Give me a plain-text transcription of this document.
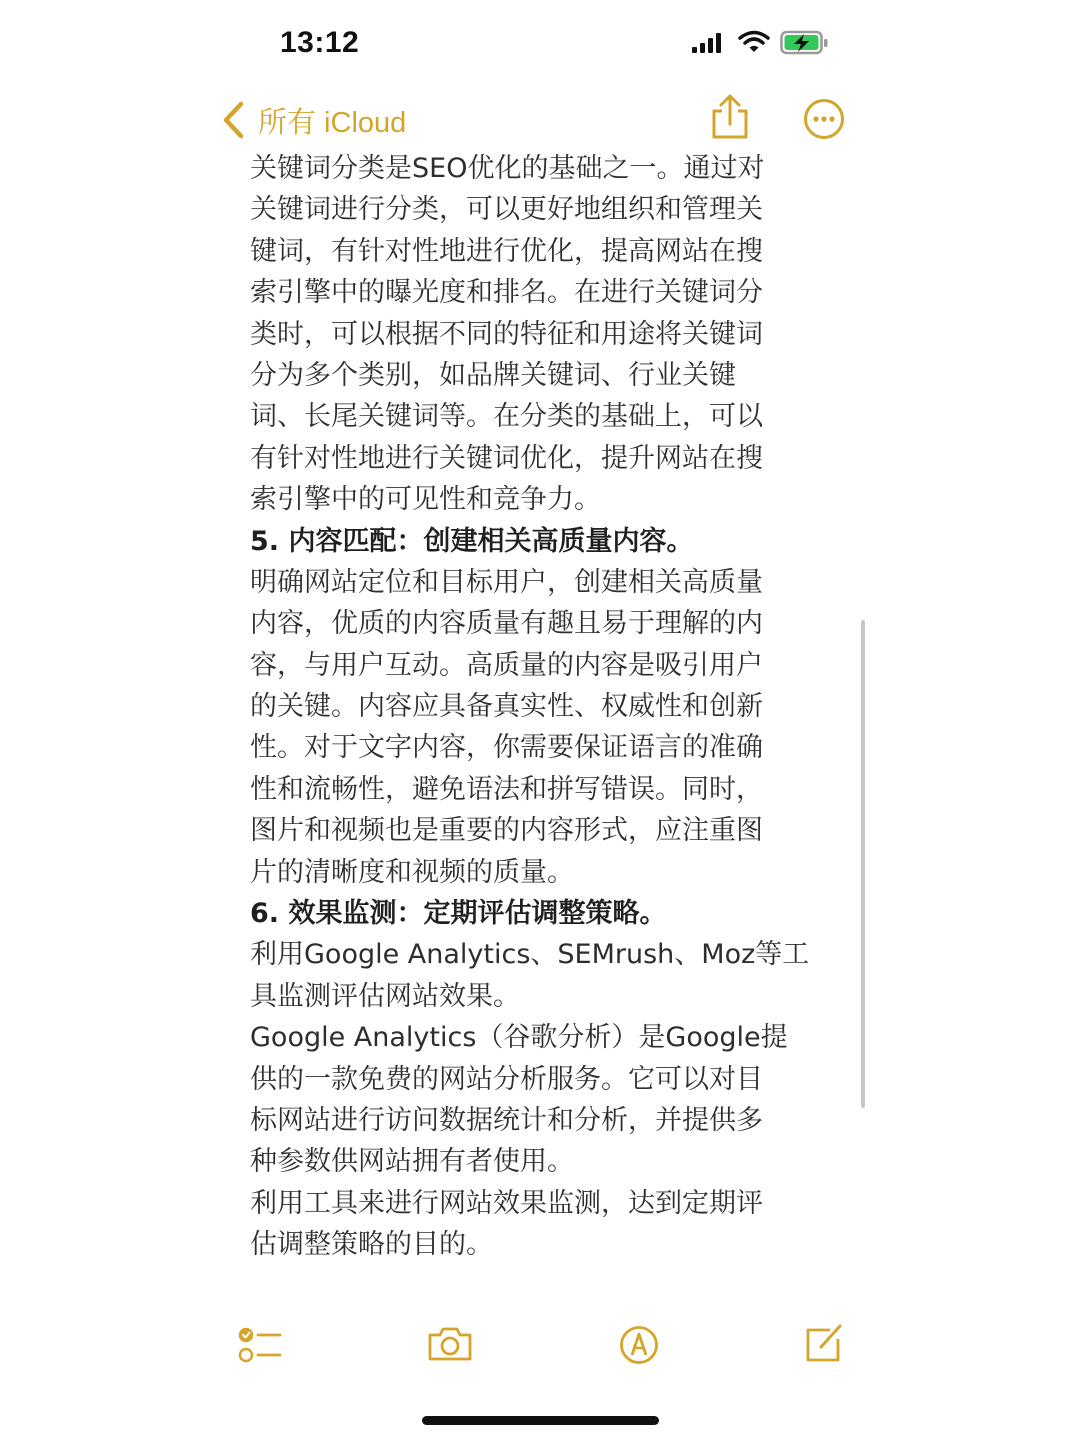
13:12
所有 iCloud
关键词分类是SEO优化的基础之一。通过对
关键词进行分类，可以更好地组织和管理关
键词，有针对性地进行优化，提高网站在搜
索引擎中的曝光度和排名。在进行关键词分
类时，可以根据不同的特征和用途将关键词
分为多个类别，如品牌关键词、行业关键
词、长尾关键词等。在分类的基础上，可以
有针对性地进行关键词优化，提升网站在搜
索引擎中的可见性和竞争力。
5. 内容匹配：创建相关高质量内容。
明确网站定位和目标用户，创建相关高质量
内容，优质的内容质量有趣且易于理解的内
容，与用户互动。高质量的内容是吸引用户
的关键。内容应具备真实性、权威性和创新
性。对于文字内容，你需要保证语言的准确
性和流畅性，避免语法和拼写错误。同时，
图片和视频也是重要的内容形式，应注重图
片的清晰度和视频的质量。
6. 效果监测：定期评估调整策略。
利用Google Analytics、SEMrush、Moz等工
具监测评估网站效果。
Google Analytics（谷歌分析）是Google提
供的一款免费的网站分析服务。它可以对目
标网站进行访问数据统计和分析，并提供多
种参数供网站拥有者使用。
利用工具来进行网站效果监测，达到定期评
估调整策略的目的。
